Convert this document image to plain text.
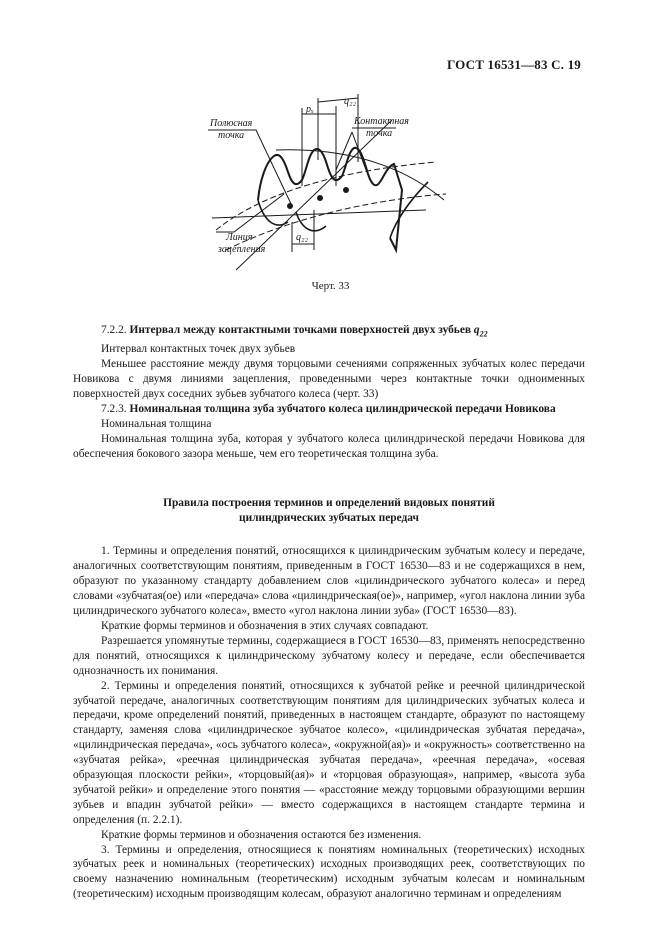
ГОСТ 16531—83 С. 19
Полюсная
точка
Контактная
точка
Линия
зацепления
pₓ
q₂₂
q₂₂
Черт. 33

7.2.2. Интервал между контактными точками поверхностей двух зубьев $q_{22}$

Интервал контактных точек двух зубьев

Меньшее расстояние между двумя торцовыми сечениями сопряженных зубчатых колес передачи Новикова с двумя линиями зацепления, проведенными через контактные точки одноименных поверхностей двух соседних зубьев зубчатого колеса (черт. 33)

7.2.3. Номинальная толщина зуба зубчатого колеса цилиндрической передачи Новикова

Номинальная толщина

Номинальная толщина зуба, которая у зубчатого колеса цилиндрической передачи Новикова для обеспечения бокового зазора меньше, чем его теоретическая толщина зуба.

Правила построения терминов и определений видовых понятий
цилиндрических зубчатых передач

1. Термины и определения понятий, относящихся к цилиндрическим зубчатым колесу и передаче, аналогичных соответствующим понятиям, приведенным в ГОСТ 16530—83 и не содержащихся в нем, образуют по указанному стандарту добавлением слов «цилиндрического зубчатого колеса» и перед словами «зубчатая(ое) или «передача» слова «цилиндрическая(ое)», например, «угол наклона линии зуба цилиндрического зубчатого колеса», вместо «угол наклона линии зуба» (ГОСТ 16530—83).

Краткие формы терминов и обозначения в этих случаях совпадают.

Разрешается упомянутые термины, содержащиеся в ГОСТ 16530—83, применять непосредственно для понятий, относящихся к цилиндрическому зубчатому колесу и передаче, если обеспечивается однозначность их понимания.

2. Термины и определения понятий, относящихся к зубчатой рейке и реечной цилиндрической зубчатой передаче, аналогичных соответствующим понятиям для цилиндрических зубчатых колеса и передачи, кроме определений понятий, приведенных в настоящем стандарте, образуют по настоящему стандарту, заменяя слова «цилиндрическое зубчатое колесо», «цилиндрическая зубчатая передача», «цилиндрическая передача», «ось зубчатого колеса», «окружной(ая)» и «окружность» соответственно на «зубчатая рейка», «реечная цилиндрическая зубчатая передача», «реечная передача», «осевая образующая плоскости рейки», «торцовый(ая)» и «торцовая образующая», например, «высота зуба зубчатой рейки» и определение этого понятия — «расстояние между торцовыми образующими вершин зубьев и впадин зубчатой рейки» — вместо содержащихся в настоящем стандарте термина и определения (п. 2.2.1).

Краткие формы терминов и обозначения остаются без изменения.

3. Термины и определения, относящиеся к понятиям номинальных (теоретических) исходных зубчатых реек и номинальных (теоретических) исходных производящих реек, соответствующих по своему назначению номинальным (теоретическим) исходным зубчатым колесам и номинальным (теоретическим) исходным производящим колесам, образуют аналогично терминам и определениям
